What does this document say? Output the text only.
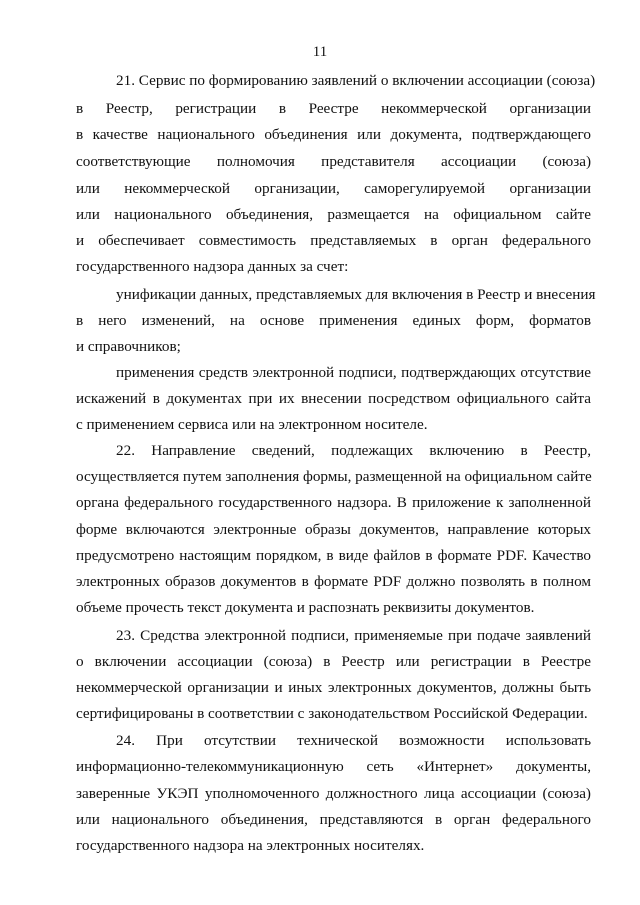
11
21. Сервис по формированию заявлений о включении ассоциации (союза)
в Реестр, регистрации в Реестре некоммерческой организации
в качестве национального объединения или документа, подтверждающего
соответствующие полномочия представителя ассоциации (союза)
или некоммерческой организации, саморегулируемой организации
или национального объединения, размещается на официальном сайте
и обеспечивает совместимость представляемых в орган федерального
государственного надзора данных за счет:
унификации данных, представляемых для включения в Реестр и внесения
в него изменений, на основе применения единых форм, форматов
и справочников;
применения средств электронной подписи, подтверждающих отсутствие
искажений в документах при их внесении посредством официального сайта
с применением сервиса или на электронном носителе.
22. Направление сведений, подлежащих включению в Реестр,
осуществляется путем заполнения формы, размещенной на официальном сайте
органа федерального государственного надзора. В приложение к заполненной
форме включаются электронные образы документов, направление которых
предусмотрено настоящим порядком, в виде файлов в формате PDF. Качество
электронных образов документов в формате PDF должно позволять в полном
объеме прочесть текст документа и распознать реквизиты документов.
23. Средства электронной подписи, применяемые при подаче заявлений
о включении ассоциации (союза) в Реестр или регистрации в Реестре
некоммерческой организации и иных электронных документов, должны быть
сертифицированы в соответствии с законодательством Российской Федерации.
24. При отсутствии технической возможности использовать
информационно-телекоммуникационную сеть «Интернет» документы,
заверенные УКЭП уполномоченного должностного лица ассоциации (союза)
или национального объединения, представляются в орган федерального
государственного надзора на электронных носителях.
